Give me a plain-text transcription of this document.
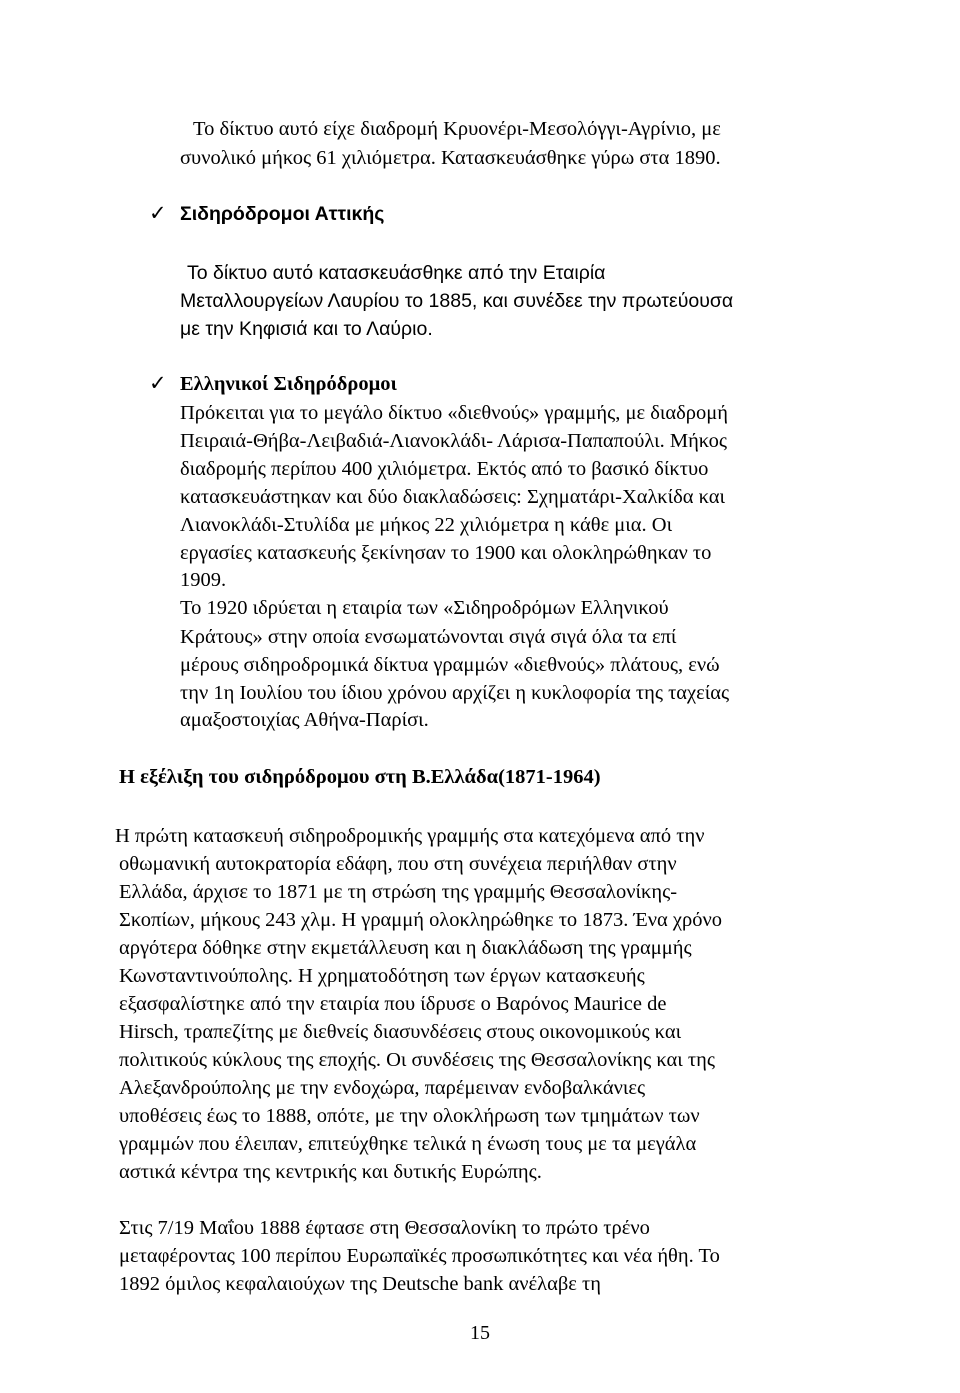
Το δίκτυο αυτό είχε διαδρομή Κρυονέρι-Μεσολόγγι-Αγρίνιο, με
συνολικό μήκος 61 χιλιόμετρα. Κατασκευάσθηκε γύρω στα 1890.
✓ Σιδηρόδρομοι Αττικής
Το δίκτυο αυτό κατασκευάσθηκε από την Εταιρία
Μεταλλουργείων Λαυρίου το 1885, και συνέδεε την πρωτεύουσα
με την Κηφισιά και το Λαύριο.
✓ Ελληνικοί Σιδηρόδρομοι
Πρόκειται για το μεγάλο δίκτυο «διεθνούς» γραμμής, με διαδρομή
Πειραιά-Θήβα-Λειβαδιά-Λιανοκλάδι- Λάρισα-Παπαπούλι. Μήκος
διαδρομής περίπου 400 χιλιόμετρα. Εκτός από το βασικό δίκτυο
κατασκευάστηκαν και δύο διακλαδώσεις: Σχηματάρι-Χαλκίδα και
Λιανοκλάδι-Στυλίδα με μήκος 22 χιλιόμετρα η κάθε μια. Οι
εργασίες κατασκευής ξεκίνησαν το 1900 και ολοκληρώθηκαν το
1909.
Το 1920 ιδρύεται η εταιρία των «Σιδηροδρόμων Ελληνικού
Κράτους» στην οποία ενσωματώνονται σιγά σιγά όλα τα επί
μέρους σιδηροδρομικά δίκτυα γραμμών «διεθνούς» πλάτους, ενώ
την 1η Ιουλίου του ίδιου χρόνου αρχίζει η κυκλοφορία της ταχείας
αμαξοστοιχίας Αθήνα-Παρίσι.
Η εξέλιξη του σιδηρόδρομου στη Β.Ελλάδα(1871-1964)
Η πρώτη κατασκευή σιδηροδρομικής γραμμής στα κατεχόμενα από την
οθωμανική αυτοκρατορία εδάφη, που στη συνέχεια περιήλθαν στην
Ελλάδα, άρχισε το 1871 με τη στρώση της γραμμής Θεσσαλονίκης-
Σκοπίων, μήκους 243 χλμ. Η γραμμή ολοκληρώθηκε το 1873. Ένα χρόνο
αργότερα δόθηκε στην εκμετάλλευση και η διακλάδωση της γραμμής
Κωνσταντινούπολης. Η χρηματοδότηση των έργων κατασκευής
εξασφαλίστηκε από την εταιρία που ίδρυσε ο Βαρόνος Maurice de
Hirsch, τραπεζίτης με διεθνείς διασυνδέσεις στους οικονομικούς και
πολιτικούς κύκλους της εποχής. Οι συνδέσεις της Θεσσαλονίκης και της
Αλεξανδρούπολης με την ενδοχώρα, παρέμειναν ενδοβαλκάνιες
υποθέσεις έως το 1888, οπότε, με την ολοκλήρωση των τμημάτων των
γραμμών που έλειπαν, επιτεύχθηκε τελικά η ένωση τους με τα μεγάλα
αστικά κέντρα της κεντρικής και δυτικής Ευρώπης.
Στις 7/19 Μαΐου 1888 έφτασε στη Θεσσαλονίκη το πρώτο τρένο
μεταφέροντας 100 περίπου Ευρωπαϊκές προσωπικότητες και νέα ήθη. Το
1892 όμιλος κεφαλαιούχων της Deutsche bank ανέλαβε τη
15
